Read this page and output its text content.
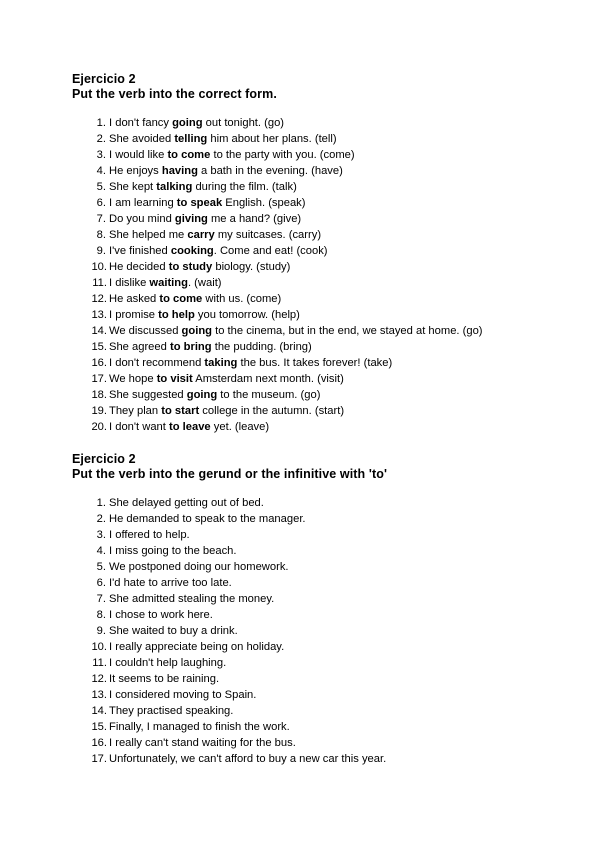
Ejercicio 2
Put the verb into the correct form.
1. I don't fancy going out tonight. (go)
2. She avoided telling him about her plans. (tell)
3. I would like to come to the party with you. (come)
4. He enjoys having a bath in the evening. (have)
5. She kept talking during the film. (talk)
6. I am learning to speak English. (speak)
7. Do you mind giving me a hand? (give)
8. She helped me carry my suitcases. (carry)
9. I've finished cooking. Come and eat! (cook)
10. He decided to study biology. (study)
11. I dislike waiting. (wait)
12. He asked to come with us. (come)
13. I promise to help you tomorrow. (help)
14. We discussed going to the cinema, but in the end, we stayed at home. (go)
15. She agreed to bring the pudding. (bring)
16. I don't recommend taking the bus. It takes forever! (take)
17. We hope to visit Amsterdam next month. (visit)
18. She suggested going to the museum. (go)
19. They plan to start college in the autumn. (start)
20. I don't want to leave yet. (leave)
Ejercicio 2
Put the verb into the gerund or the infinitive with 'to'
1. She delayed getting out of bed.
2. He demanded to speak to the manager.
3. I offered to help.
4. I miss going to the beach.
5. We postponed doing our homework.
6. I'd hate to arrive too late.
7. She admitted stealing the money.
8. I chose to work here.
9. She waited to buy a drink.
10. I really appreciate being on holiday.
11. I couldn't help laughing.
12. It seems to be raining.
13. I considered moving to Spain.
14. They practised speaking.
15. Finally, I managed to finish the work.
16. I really can't stand waiting for the bus.
17. Unfortunately, we can't afford to buy a new car this year.
